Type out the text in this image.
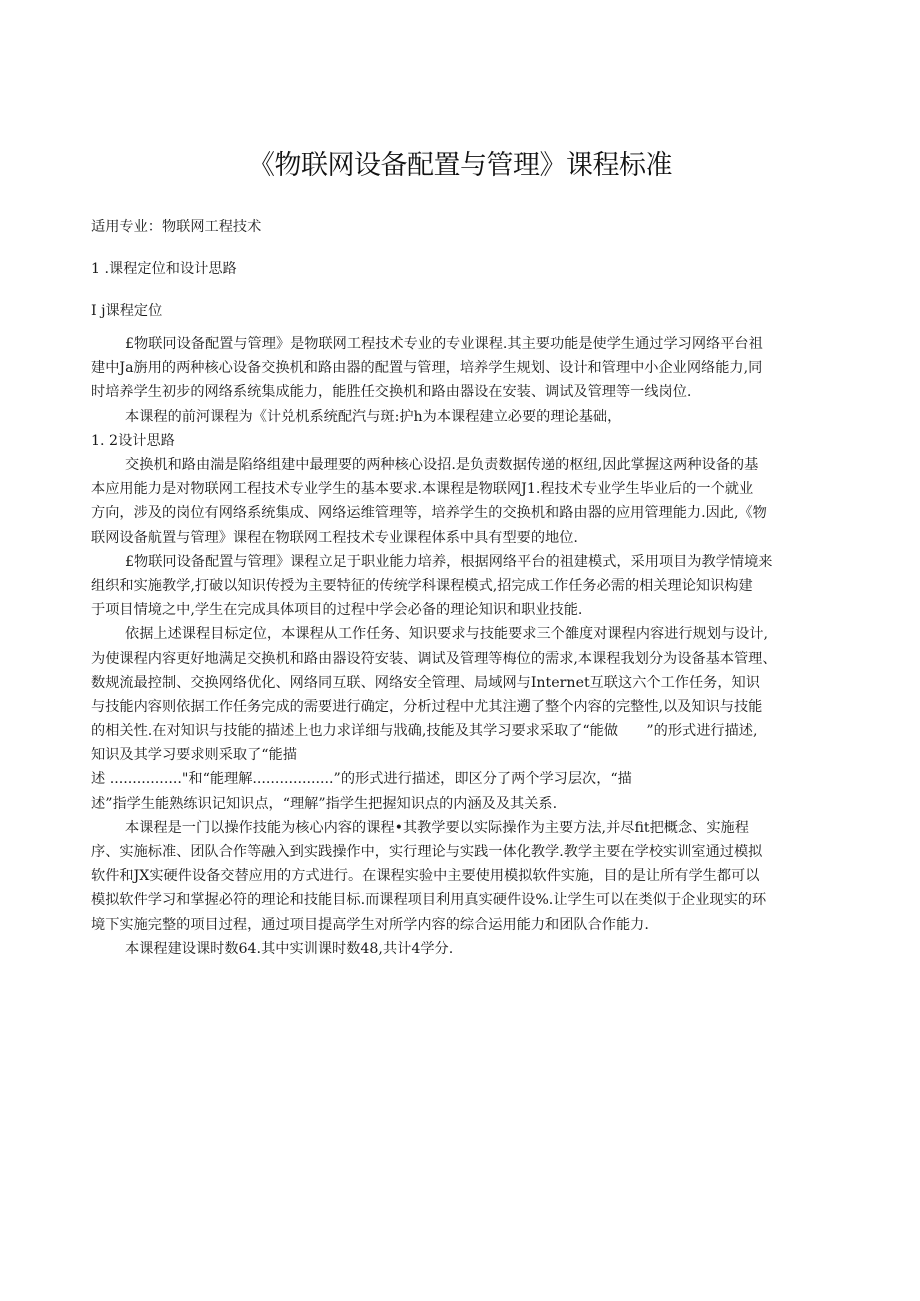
《物联网设备配置与管理》课程标准

适用专业：物联网工程技术

1 .课程定位和设计思路

I j课程定位

£物联冋设备配置与管理》是物联网工程技术专业的专业课程.其主要功能是使学生通过学习网络平台祖

建中Ja旃用的两种核心设备交换机和路由器的配置与管理，培养学生规划、设计和管理中小企业网络能力,同

时培养学生初步的网络系统集成能力，能胜任交换机和路由器设在安装、调试及管理等一线岗位.

本课程的前河课程为《计兑机系统配汽与斑:护h为本课程建立必要的理论基础，

1. 2设计思路

交换机和路由湍是陷络组建中最理要的两种核心设招.是负责数据传递的枢纽,因此掌握这两种设备的基

本应用能力是对物联网工程技术专业学生的基本要求.本课程是物联网J1.程技术专业学生毕业后的一个就业

方向，涉及的岗位有网络系统集成、网络运维管理等，培养学生的交换机和路由器的应用管理能力.因此,《物

联网设备航置与管理》课程在物联网工程技术专业课程体系中具有型要的地位.

£物联冋设备配置与管理》课程立足于职业能力培养，根据网络平台的祖建模式，采用项目为教学情境来

组织和实施教学,打破以知识传授为主要特征的传统学科课程模式,招完成工作任务必需的相关理论知识构建

于项目情境之中,学生在完成具体项目的过程中学会必备的理论知识和职业技能.

依据上述课程目标定位，本课程从工作任务、知识要求与技能要求三个雒度对课程内容进行规划与设计,

为使课程内容更好地满足交换机和路由器设符安装、调试及管理等梅位的需求,本课程我划分为设备基本管理、

数规流最控制、交换网络优化、网络同互联、网络安全管理、局域网与Internet互联这六个工作任务，知识

与技能内容则依据工作任务完成的需要进行确定，分析过程中尤其注遡了整个内容的完整性,以及知识与技能

的相关性.在对知识与技能的描述上也力求详细与戕确,技能及其学习要求采取了“能做　　”的形式进行描述,

知识及其学习要求则采取了“能描

述 ................"和“能理解..................”的形式进行描述，即区分了两个学习层次，“描

述”指学生能熟练识记知识点，“理解”指学生把握知识点的内涵及及其关系.

本课程是一门以操作技能为核心内容的课程•其教学要以实际操作为主要方法,并尽fit把概念、实施程

序、实施标准、团队合作等融入到实践操作中，实行理论与实践一体化教学.教学主要在学校实训室通过模拟

软件和JX实硬件设备交替应用的方式进行。在课程实验中主要使用模拟软件实施，目的是让所有学生都可以

模拟软件学习和掌握必符的理论和技能目标.而课程项目利用真实硬件设%.让学生可以在类似于企业现实的环

境下实施完整的项目过程，通过项目提高学生对所学内容的综合运用能力和团队合作能力.

本课程建设课时数64.其中实训课时数48,共计4学分.
